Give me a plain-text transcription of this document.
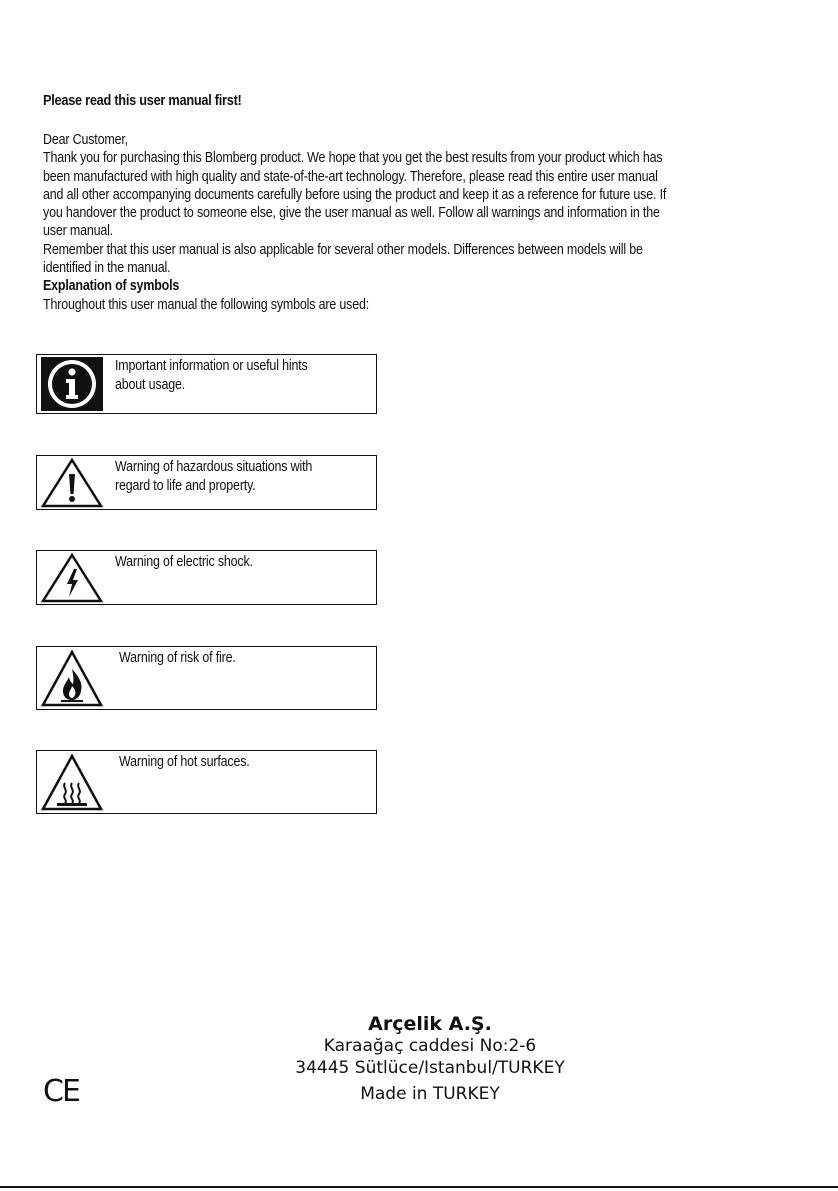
Please read this user manual first!

Dear Customer,

Thank you for purchasing this Blomberg product. We hope that you get the best results from your product which has

been manufactured with high quality and state-of-the-art technology. Therefore, please read this entire user manual

and all other accompanying documents carefully before using the product and keep it as a reference for future use. If

you handover the product to someone else, give the user manual as well. Follow all warnings and information in the

user manual.

Remember that this user manual is also applicable for several other models. Differences between models will be

identified in the manual.

Explanation of symbols

Throughout this user manual the following symbols are used:

Important information or useful hints
about usage.
Warning of hazardous situations with
regard to life and property.
Warning of electric shock.
Warning of risk of fire.
Warning of hot surfaces.
Arçelik A.Ş.
Karaağaç caddesi No:2-6
34445 Sütlüce/Istanbul/TURKEY
Made in TURKEY
CE
